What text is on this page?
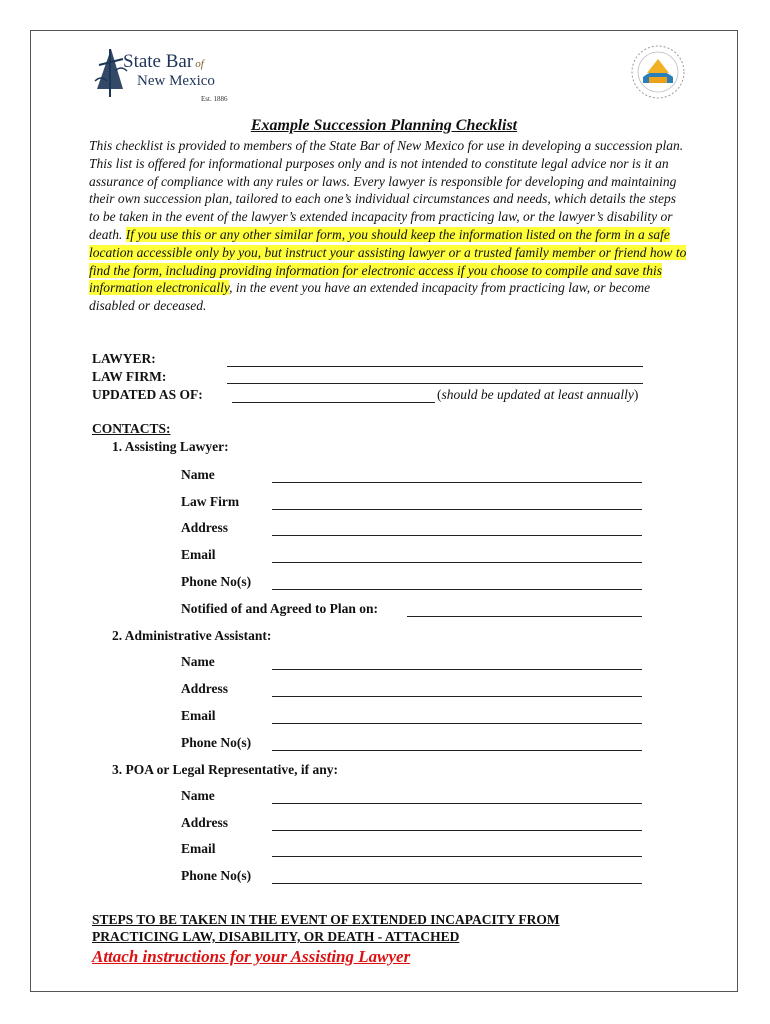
State Bar of
New Mexico
Est. 1886
Example Succession Planning Checklist
This checklist is provided to members of the State Bar of New Mexico for use in developing a succession plan. This list is offered for informational purposes only and is not intended to constitute legal advice nor is it an assurance of compliance with any rules or laws. Every lawyer is responsible for developing and maintaining their own succession plan, tailored to each one’s individual circumstances and needs, which details the steps to be taken in the event of the lawyer’s extended incapacity from practicing law, or the lawyer’s disability or death. If you use this or any other similar form, you should keep the information listed on the form in a safe location accessible only by you, but instruct your assisting lawyer or a trusted family member or friend how to find the form, including providing information for electronic access if you choose to compile and save this information electronically, in the event you have an extended incapacity from practicing law, or become disabled or deceased.
LAWYER:
LAW FIRM:
UPDATED AS OF:	(should be updated at least annually)
CONTACTS:
1. Assisting Lawyer:
Name
Law Firm
Address
Email
Phone No(s)
Notified of and Agreed to Plan on:
2. Administrative Assistant:
Name
Address
Email
Phone No(s)
3. POA or Legal Representative, if any:
Name
Address
Email
Phone No(s)
STEPS TO BE TAKEN IN THE EVENT OF EXTENDED INCAPACITY FROM
PRACTICING LAW, DISABILITY, OR DEATH - ATTACHED
Attach instructions for your Assisting Lawyer
